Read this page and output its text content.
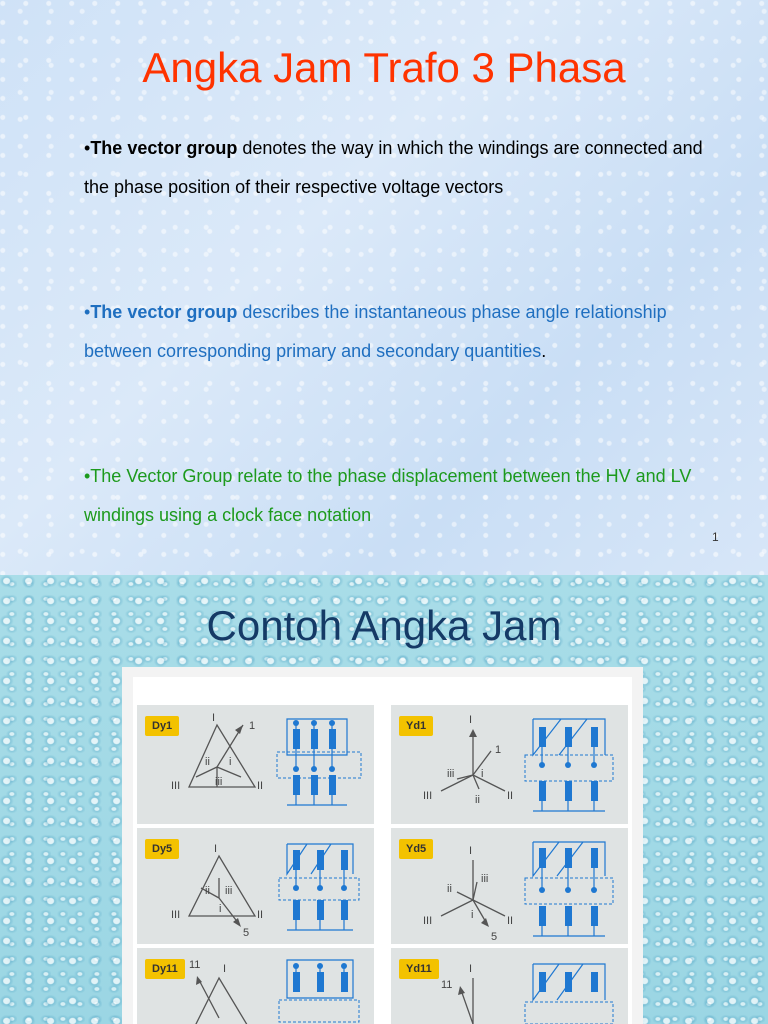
Angka Jam Trafo 3 Phasa
•The vector group denotes the way in which the windings are connected and the phase position of their respective voltage vectors
•The vector group describes the instantaneous phase angle relationship between corresponding primary and secondary quantities.
•The Vector Group relate to the phase displacement between the HV and LV windings using a clock face notation
1
Contoh Angka Jam
Dy1
I
1
ii i
III	iii	II
Yd1	I
1
iii i
III	ii II
Dy5	I
ii iii
III	i	II
5
Yd5	I
iii
ii
III	i	II
5
Dy11	11 I	Yd11	I
11
